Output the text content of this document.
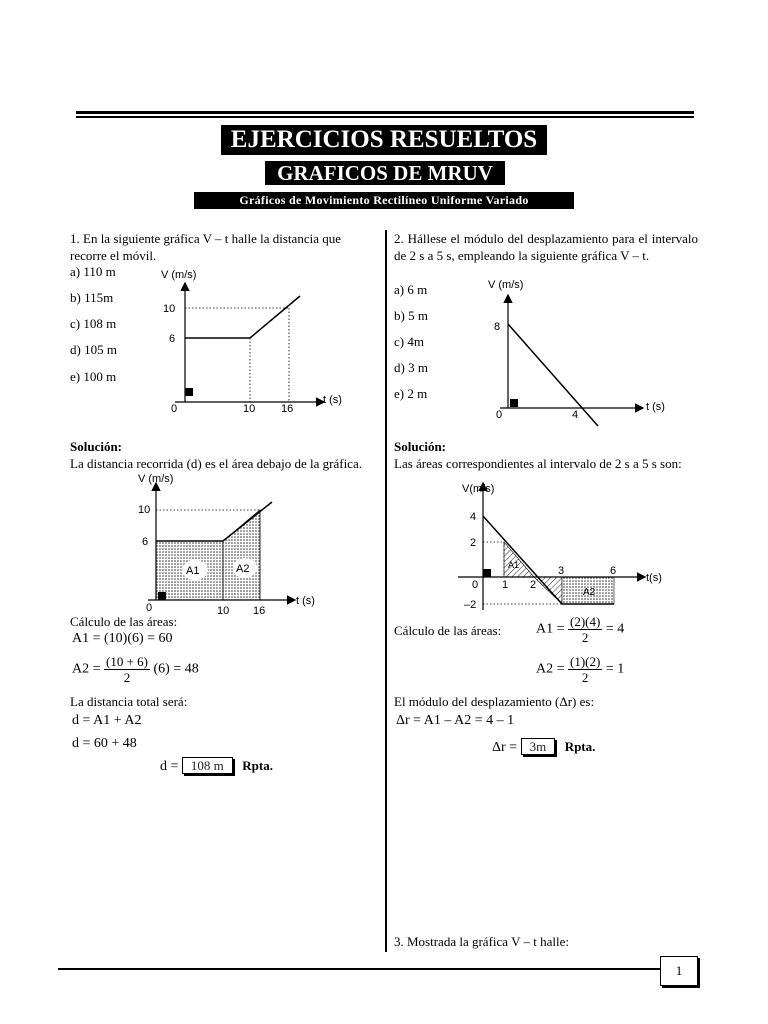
EJERCICIOS RESUELTOS
GRAFICOS DE MRUV
Gráficos de Movimiento Rectilíneo Uniforme Variado
1. En la siguiente gráfica V – t halle la distancia que recorre el móvil.
a) 110 m
b) 115m
c) 108 m
d) 105 m
e) 100 m
V (m/s)
10
6
0	10 16
t (s)
Solución:
La distancia recorrida (d) es el área debajo de la gráfica.
A1	A2
V (m/s)
10
6
0	10 16
t (s)
Cálculo de las áreas:
A1 = (10)(6) = 60
$A2 = \frac{(10 + 6)}{2} (6) = 48$
La distancia total será:
d = A1 + A2
d = 60 + 48
d = 108 m Rpta.
2. Hállese el módulo del desplazamiento para el intervalo de 2 s a 5 s, empleando la siguiente gráfica V – t.
a) 6 m
b) 5 m
c) 4m
d) 3 m
e) 2 m
V (m/s)
8
0	4
t (s)
Solución:
Las áreas correspondientes al intervalo de 2 s a 5 s son:
V(m/s)
4
2
–2
0 1 2
3	6
A1
A2
t(s)
Cálculo de las áreas: $A1 = \frac{(2)(4)}{2} = 4$
$A2 = \frac{(1)(2)}{2} = 1$
El módulo del desplazamiento (Δr) es:
Δr = A1 – A2 = 4 – 1
Δr = 3m Rpta.
3. Mostrada la gráfica V – t halle:
1
